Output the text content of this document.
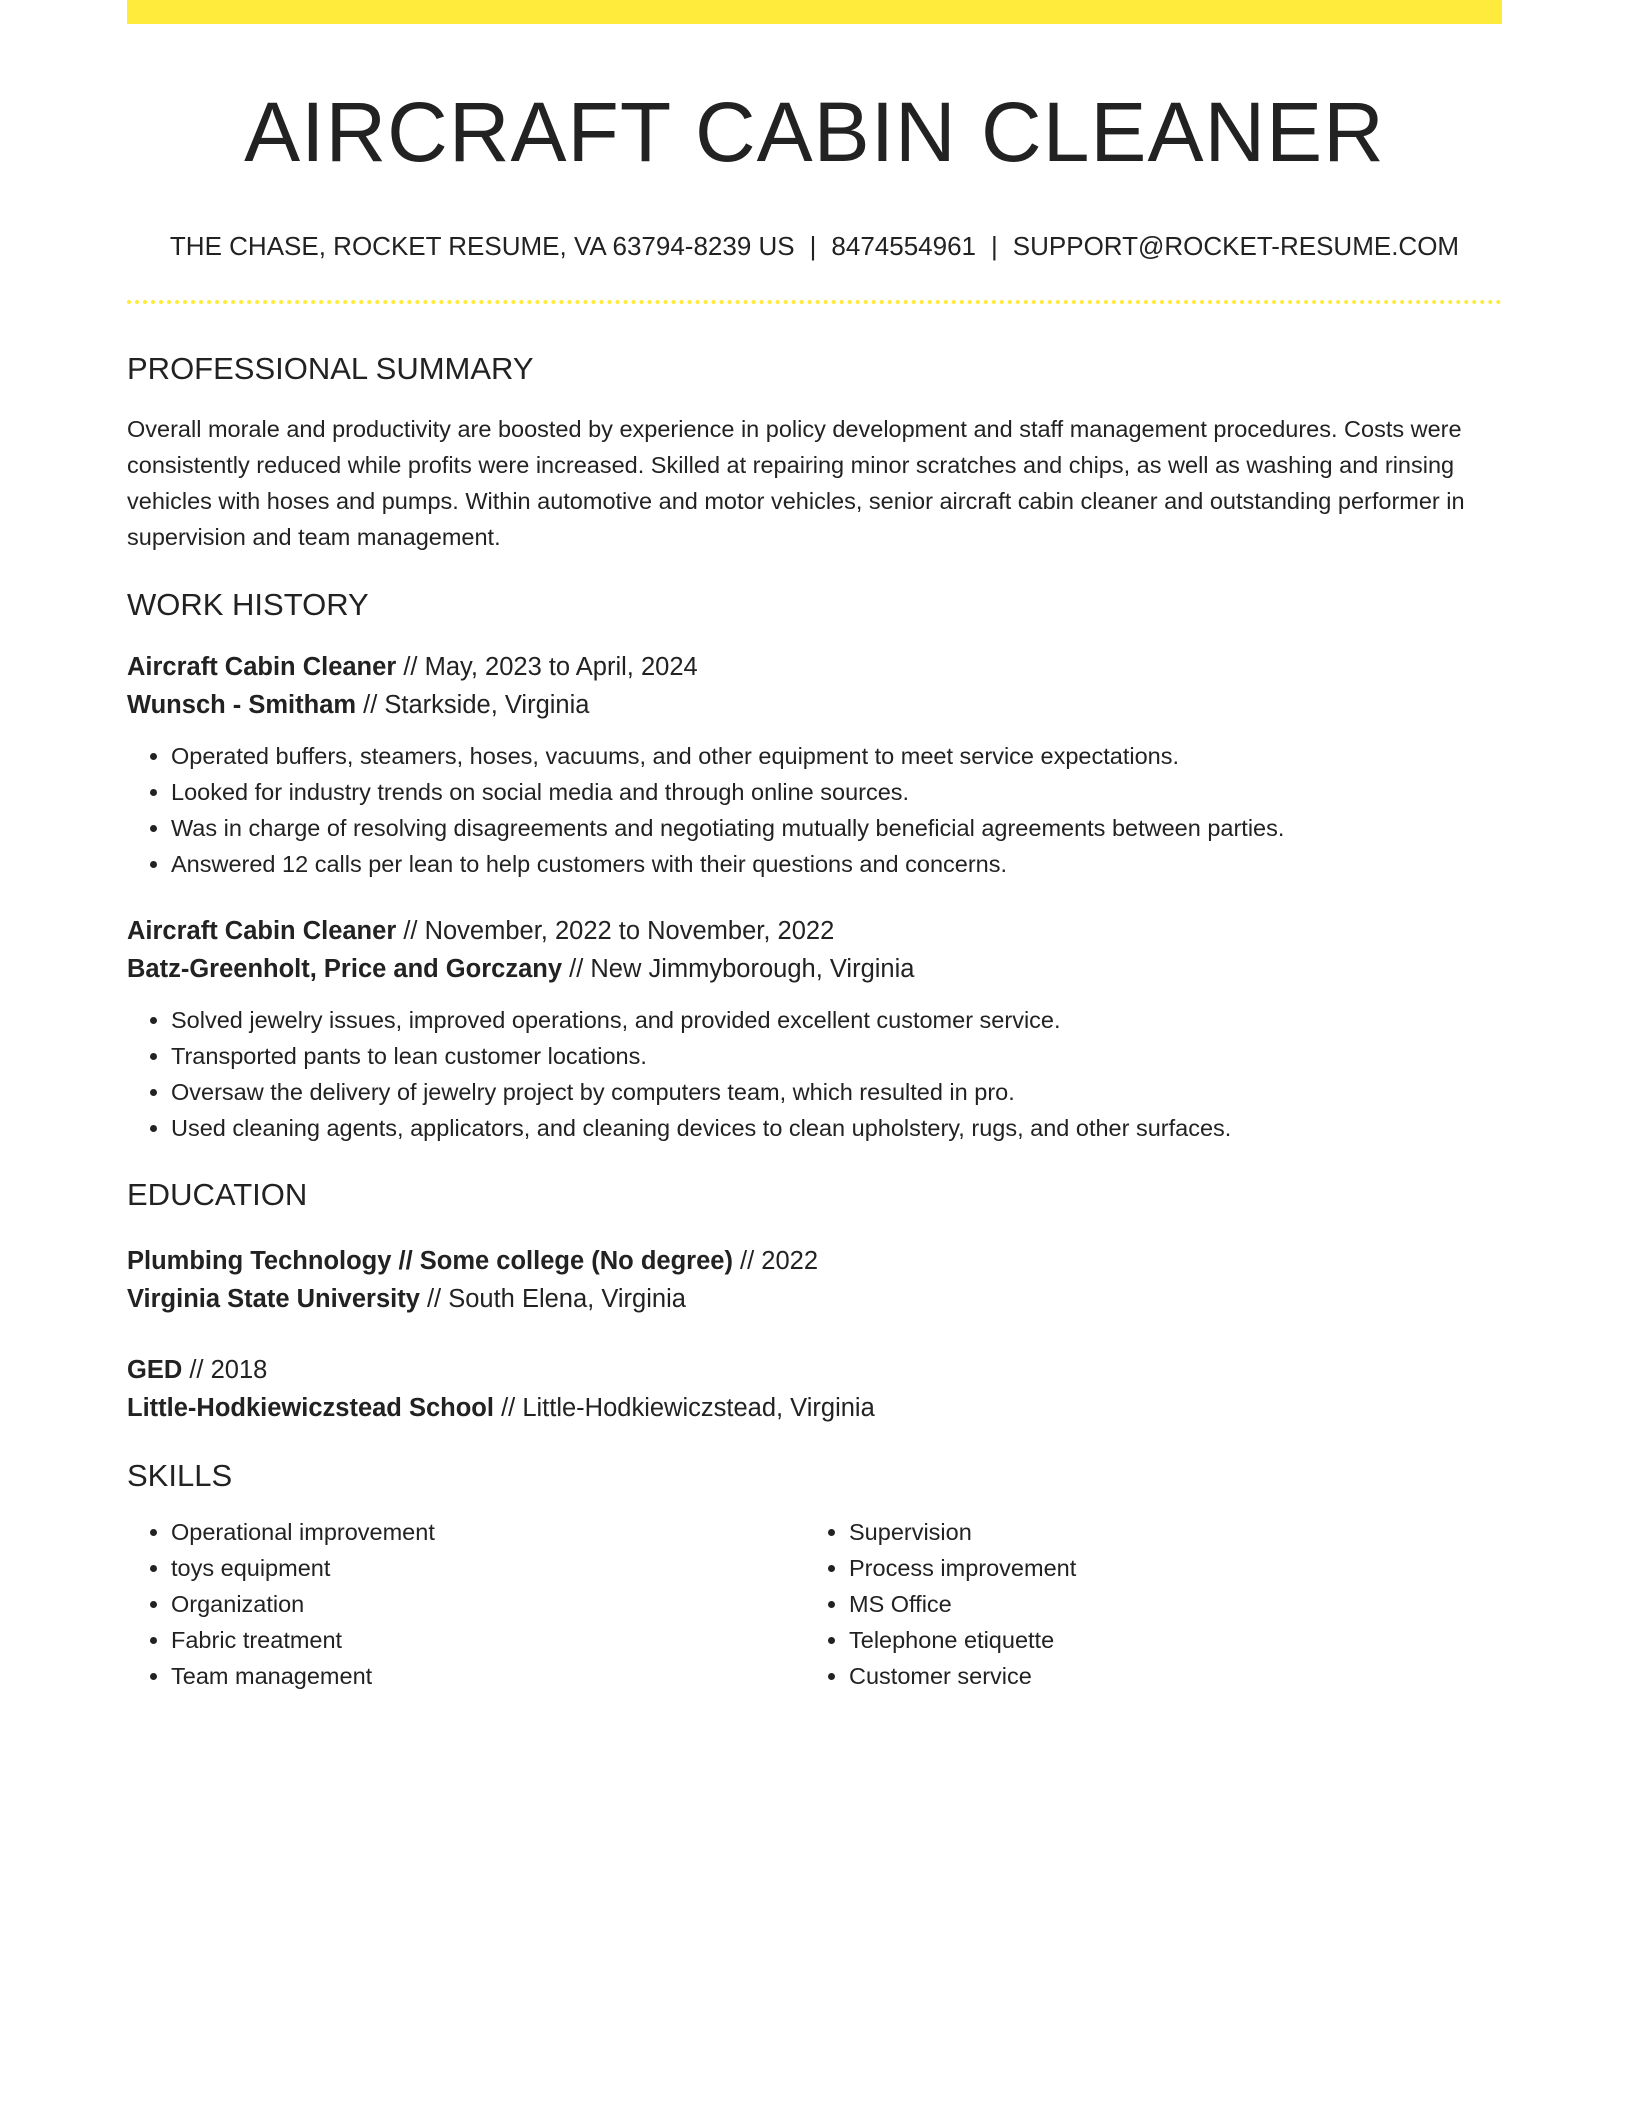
AIRCRAFT CABIN CLEANER
THE CHASE, ROCKET RESUME, VA 63794-8239 US | 8474554961 | SUPPORT@ROCKET-RESUME.COM
PROFESSIONAL SUMMARY
Overall morale and productivity are boosted by experience in policy development and staff management procedures. Costs were consistently reduced while profits were increased. Skilled at repairing minor scratches and chips, as well as washing and rinsing vehicles with hoses and pumps. Within automotive and motor vehicles, senior aircraft cabin cleaner and outstanding performer in supervision and team management.
WORK HISTORY
Aircraft Cabin Cleaner // May, 2023 to April, 2024
Wunsch - Smitham // Starkside, Virginia
• Operated buffers, steamers, hoses, vacuums, and other equipment to meet service expectations.
• Looked for industry trends on social media and through online sources.
• Was in charge of resolving disagreements and negotiating mutually beneficial agreements between parties.
• Answered 12 calls per lean to help customers with their questions and concerns.
Aircraft Cabin Cleaner // November, 2022 to November, 2022
Batz-Greenholt, Price and Gorczany // New Jimmyborough, Virginia
• Solved jewelry issues, improved operations, and provided excellent customer service.
• Transported pants to lean customer locations.
• Oversaw the delivery of jewelry project by computers team, which resulted in pro.
• Used cleaning agents, applicators, and cleaning devices to clean upholstery, rugs, and other surfaces.
EDUCATION
Plumbing Technology // Some college (No degree) // 2022
Virginia State University // South Elena, Virginia
GED // 2018
Little-Hodkiewiczstead School // Little-Hodkiewiczstead, Virginia
SKILLS
• Operational improvement
• toys equipment
• Organization
• Fabric treatment
• Team management
• Supervision
• Process improvement
• MS Office
• Telephone etiquette
• Customer service
